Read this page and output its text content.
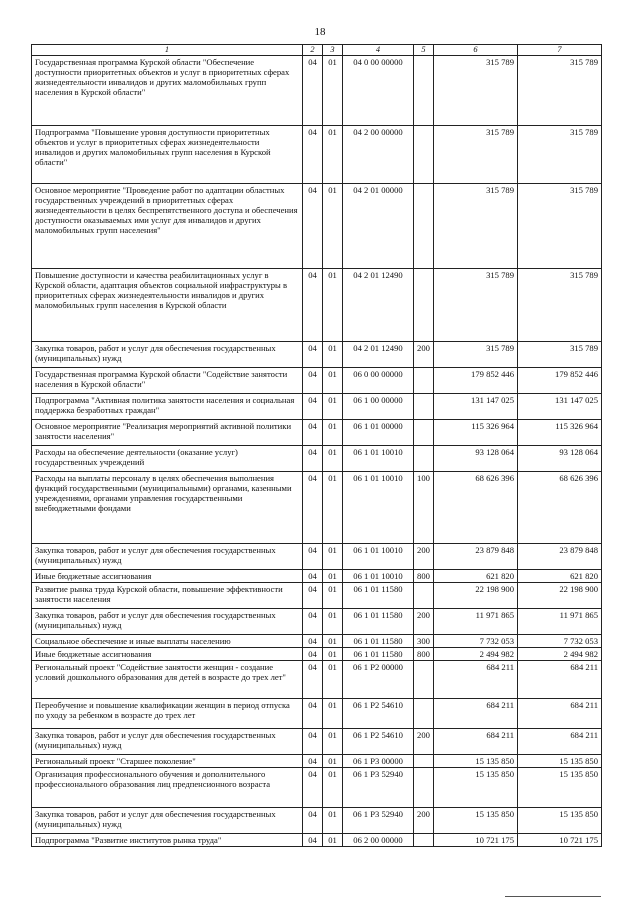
18
1	2	3	4	5	6	7
Государственная программа Курской области "Обеспечение доступности приоритетных объектов и услуг в приоритетных сферах жизнедеятельности инвалидов и других маломобильных групп населения в Курской области"	04	01	04 0 00 00000		315 789	315 789
Подпрограмма "Повышение уровня доступности приоритетных объектов и услуг в приоритетных сферах жизнедеятельности инвалидов и других маломобильных групп населения в Курской области"	04	01	04 2 00 00000		315 789	315 789
Основное мероприятие "Проведение работ по адаптации областных государственных учреждений в приоритетных сферах жизнедеятельности в целях беспрепятственного доступа и обеспечения доступности оказываемых ими услуг для инвалидов и других маломобильных групп населения"	04	01	04 2 01 00000		315 789	315 789
Повышение доступности и качества реабилитационных услуг в Курской области, адаптация объектов социальной инфраструктуры в приоритетных сферах жизнедеятельности инвалидов и других маломобильных групп населения в Курской области	04	01	04 2 01 12490		315 789	315 789
Закупка товаров, работ и услуг для обеспечения государственных (муниципальных) нужд	04	01	04 2 01 12490	200	315 789	315 789
Государственная программа Курской области "Содействие занятости населения в Курской области"	04	01	06 0 00 00000		179 852 446	179 852 446
Подпрограмма "Активная политика занятости населения и социальная поддержка безработных граждан"	04	01	06 1 00 00000		131 147 025	131 147 025
Основное мероприятие "Реализация мероприятий активной политики занятости населения"	04	01	06 1 01 00000		115 326 964	115 326 964
Расходы на обеспечение деятельности (оказание услуг) государственных учреждений	04	01	06 1 01 10010		93 128 064	93 128 064
Расходы на выплаты персоналу в целях обеспечения выполнения функций государственными (муниципальными) органами, казенными учреждениями, органами управления государственными внебюджетными фондами	04	01	06 1 01 10010	100	68 626 396	68 626 396
Закупка товаров, работ и услуг для обеспечения государственных (муниципальных) нужд	04	01	06 1 01 10010	200	23 879 848	23 879 848
Иные бюджетные ассигнования	04	01	06 1 01 10010	800	621 820	621 820
Развитие рынка труда Курской области, повышение эффективности занятости населения	04	01	06 1 01 11580		22 198 900	22 198 900
Закупка товаров, работ и услуг для обеспечения государственных (муниципальных) нужд	04	01	06 1 01 11580	200	11 971 865	11 971 865
Социальное обеспечение и иные выплаты населению	04	01	06 1 01 11580	300	7 732 053	7 732 053
Иные бюджетные ассигнования	04	01	06 1 01 11580	800	2 494 982	2 494 982
Региональный проект "Содействие занятости женщин - создание условий дошкольного образования для детей в возрасте до трех лет"	04	01	06 1 P2 00000		684 211	684 211
Переобучение и повышение квалификации женщин в период отпуска по уходу за ребенком в возрасте до трех лет	04	01	06 1 P2 54610		684 211	684 211
Закупка товаров, работ и услуг для обеспечения государственных (муниципальных) нужд	04	01	06 1 P2 54610	200	684 211	684 211
Региональный проект "Старшее поколение"	04	01	06 1 P3 00000		15 135 850	15 135 850
Организация профессионального обучения и дополнительного профессионального образования лиц предпенсионного возраста	04	01	06 1 P3 52940		15 135 850	15 135 850
Закупка товаров, работ и услуг для обеспечения государственных (муниципальных) нужд	04	01	06 1 P3 52940	200	15 135 850	15 135 850
Подпрограмма "Развитие институтов рынка труда"	04	01	06 2 00 00000		10 721 175	10 721 175
